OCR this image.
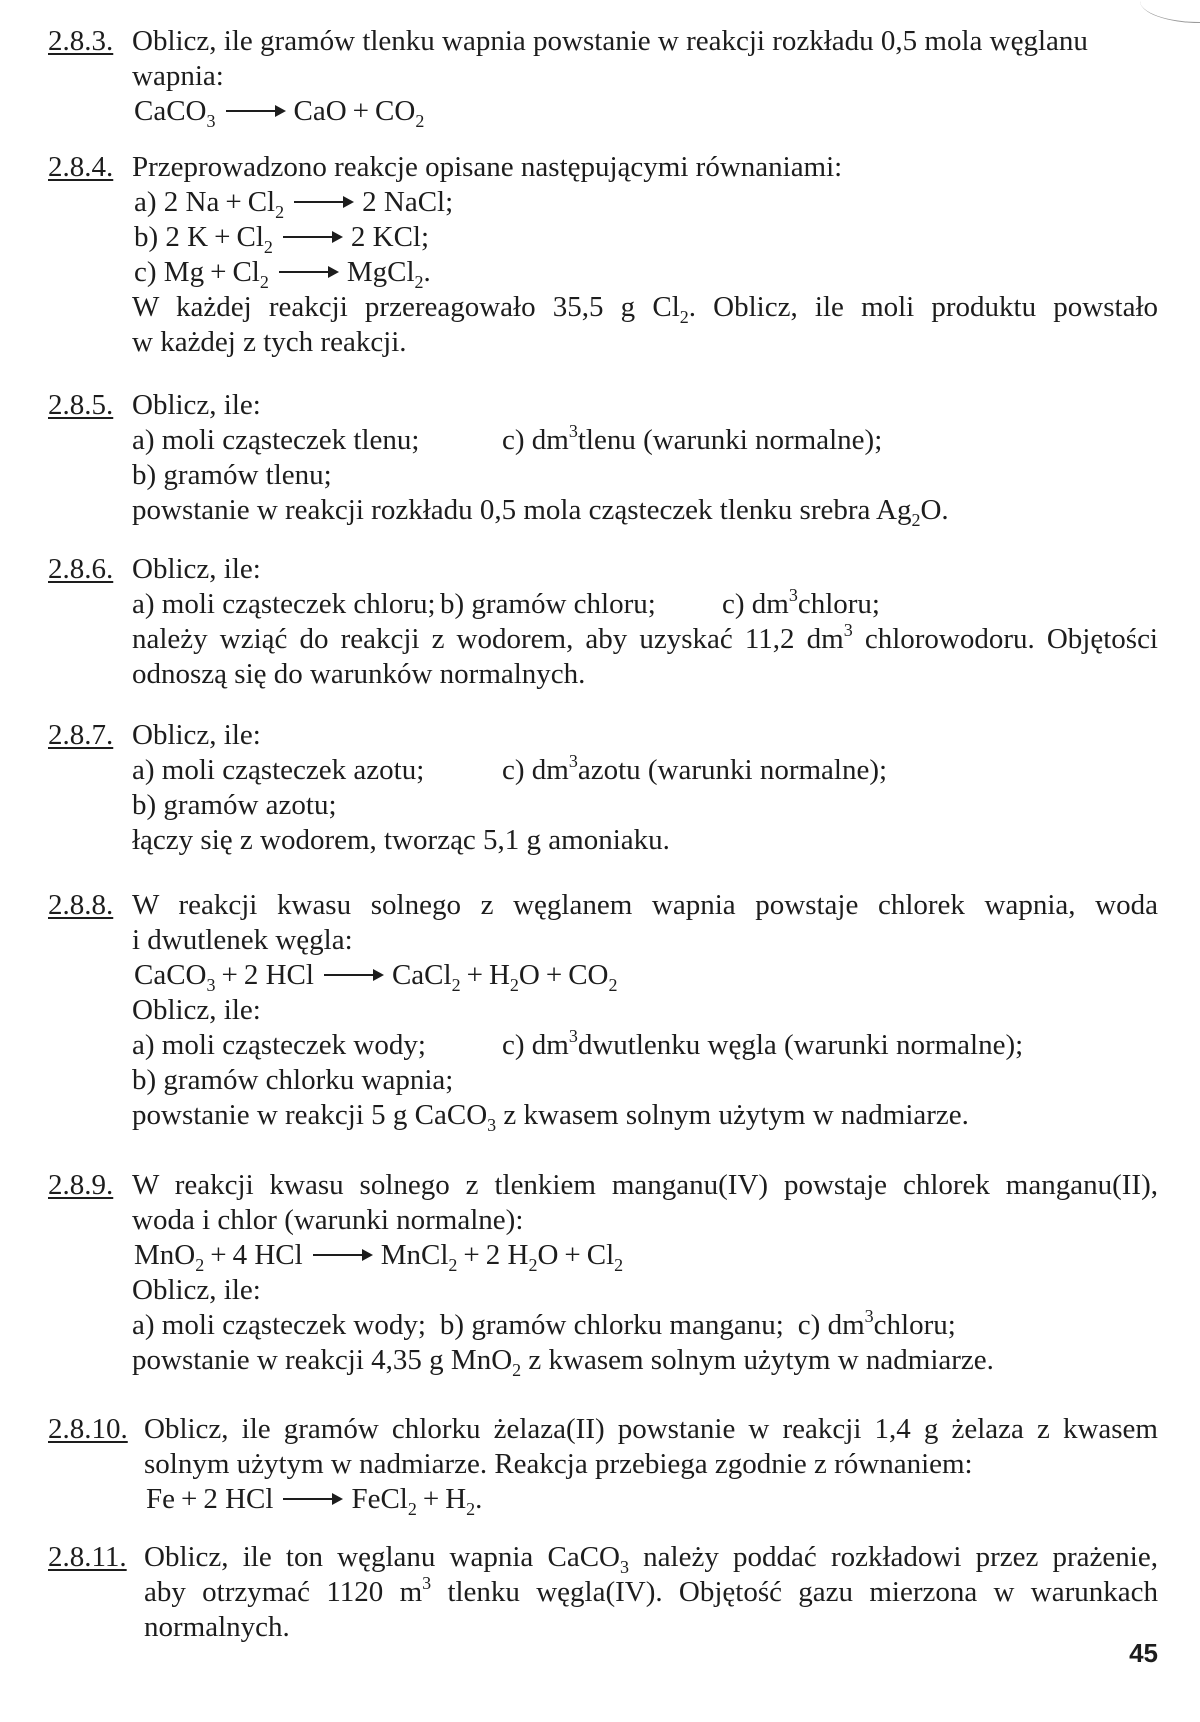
2.8.3. Oblicz, ile gramów tlenku wapnia powstanie w reakcji rozkładu 0,5 mola węglanu
wapnia:
CaCO$_3$ → CaO + $CO_2$
2.8.4. Przeprowadzono reakcje opisane następującymi równaniami:
a) 2 $Na + Cl_2 \to 2$ NaCl;
b) 2 $K + Cl_2 \to 2$ KCl;
c) $Mg + Cl_2$ → MgCl$_2$.
W każdej reakcji przereagowało 35,5 g $Cl_2$. Oblicz, ile moli produktu powstało
w każdej z tych reakcji.
2.8.5. Oblicz, ile:
a) moli cząsteczek tlenu;	c) $dm^3tlenu$ (warunki normalne);
b) gramów tlenu;
powstanie w reakcji rozkładu 0,5 mola cząsteczek tlenku srebra $Ag_2O$.
2.8.6. Oblicz, ile:
a) moli cząsteczek chloru; b) gramów chloru; c) $dm^3chloru$;
należy wziąć do reakcji z wodorem, aby uzyskać 11,2 $dm^3$ chlorowodoru. Objętości
odnoszą się do warunków normalnych.
2.8.7. Oblicz, ile:
a) moli cząsteczek azotu;	c) $dm^3azotu$ (warunki normalne);
b) gramów azotu;
łączy się z wodorem, tworząc 5,1 g amoniaku.
2.8.8. W reakcji kwasu solnego z węglanem wapnia powstaje chlorek wapnia, woda
i dwutlenek węgla:
CaCO$_3$ + 2 HCl → CaCl$_2$ + $H_2O + CO_2$
Oblicz, ile:
a) moli cząsteczek wody;	c) $dm^3dwutlenku$ węgla (warunki normalne);
b) gramów chlorku wapnia;
powstanie w reakcji 5 g CaCO$_3$ z kwasem solnym użytym w nadmiarze.
2.8.9. W reakcji kwasu solnego z tlenkiem manganu(IV) powstaje chlorek manganu(II),
woda i chlor (warunki normalne):
MnO$_2$ + 4 HCl → MnCl$_2$ + 2 $H_2O + Cl_2$
Oblicz, ile:
a) moli cząsteczek wody; b) gramów chlorku manganu; c) $dm^3chloru$;
powstanie w reakcji 4,35 g MnO$_2$ z kwasem solnym użytym w nadmiarze.
2.8.10. Oblicz, ile gramów chlorku żelaza(II) powstanie w reakcji 1,4 g żelaza z kwasem
solnym użytym w nadmiarze. Reakcja przebiega zgodnie z równaniem:
Fe + 2 HCl → FeCl$_2$ + $H_2$.
2.8.11. Oblicz, ile ton węglanu wapnia CaCO$_3$ należy poddać rozkładowi przez prażenie,
aby otrzymać 1120 $m^3$ tlenku węgla(IV). Objętość gazu mierzona w warunkach
normalnych.
45
